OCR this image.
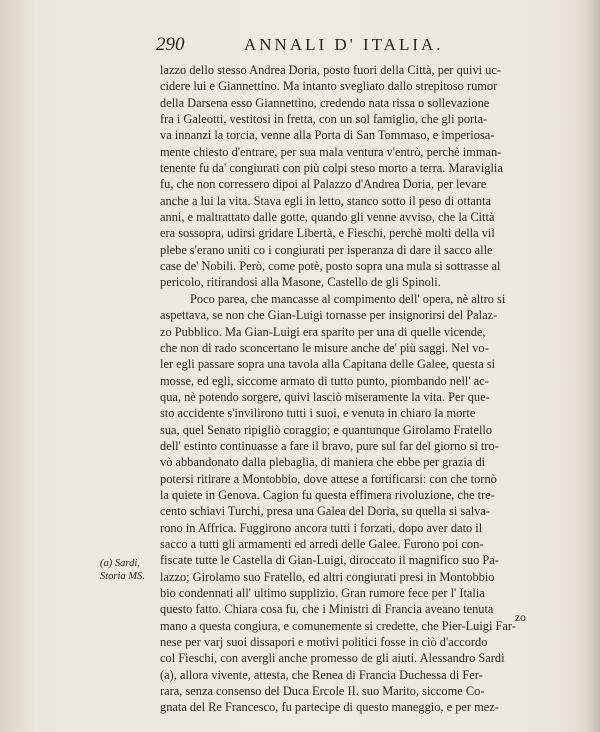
290	ANNALI D' ITALIA.
lazzo dello stesso Andrea Doria, posto fuori della Città, per quivi uc-
cidere lui e Giannettino. Ma intanto svegliato dallo strepitoso rumor
della Darsena esso Giannettino, credendo nata rissa o sollevazione
fra i Galeotti, vestitosi in fretta, con un sol famiglio, che gli porta-
va innanzi la torcia, venne alla Porta di San Tommaso, e imperiosa-
mente chiesto d'entrare, per sua mala ventura v'entrò, perchè imman-
tenente fu da' congiurati con più colpi steso morto a terra. Maraviglia
fu, che non corressero dipoi al Palazzo d'Andrea Doria, per levare
anche a lui la vita. Stava egli in letto, stanco sotto il peso di ottanta
anni, e maltrattato dalle gotte, quando gli venne avviso, che la Città
era sossopra, udirsi gridare Libertà, e Fieschi, perchè molti della vil
plebe s'erano uniti co i congiurati per isperanza di dare il sacco alle
case de' Nobili. Però, come potè, posto sopra una mula si sottrasse al
pericolo, ritirandosi alla Masone, Castello de gli Spinoli.
Poco parea, che mancasse al compimento dell' opera, nè altro si
aspettava, se non che Gian-Luigi tornasse per insignorirsi del Palaz-
zo Pubblico. Ma Gian-Luigi era sparito per una di quelle vicende,
che non di rado sconcertano le misure anche de' più saggi. Nel vo-
ler egli passare sopra una tavola alla Capitana delle Galee, questa si
mosse, ed egli, siccome armato di tutto punto, piombando nell' ac-
qua, nè potendo sorgere, quivi lasciò miseramente la vita. Per que-
sto accidente s'invilirono tutti i suoi, e venuta in chiaro la morte
sua, quel Senato ripigliò coraggio; e quantunque Girolamo Fratello
dell' estinto continuasse a fare il bravo, pure sul far del giorno si tro-
vò abbandonato dalla plebaglia, di maniera che ebbe per grazia di
potersi ritirare a Montobbio, dove attese a fortificarsi: con che tornò
la quiete in Genova. Cagion fu questa effimera rivoluzione, che tre-
cento schiavi Turchi, presa una Galea del Doria, su quella si salva-
rono in Affrica. Fuggirono ancora tutti i forzati, dopo aver dato il
sacco a tutti gli armamenti ed arredi delle Galee. Furono poi con-
fiscate tutte le Castella di Gian-Luigi, diroccato il magnifico suo Pa-
lazzo; Girolamo suo Fratello, ed altri congiurati presi in Montobbio
bio condennati all' ultimo supplizio. Gran rumore fece per l' Italia
questo fatto. Chiara cosa fu, che i Ministri di Francia aveano tenuta
mano a questa congiura, e comunemente si credette, che Pier-Luigi Far-
nese per varj suoi dissapori e motivi politici fosse in ciò d'accordo
col Fieschi, con avergli anche promesso de gli aiuti. Alessandro Sardi
(a), allora vivente, attesta, che Renea di Francia Duchessa di Fer-
rara, senza consenso del Duca Ercole II. suo Marito, siccome Co-
gnata del Re Francesco, fu partecipe di questo maneggio, e per mez-
(a) Sardi,
Storia MS.
zo
